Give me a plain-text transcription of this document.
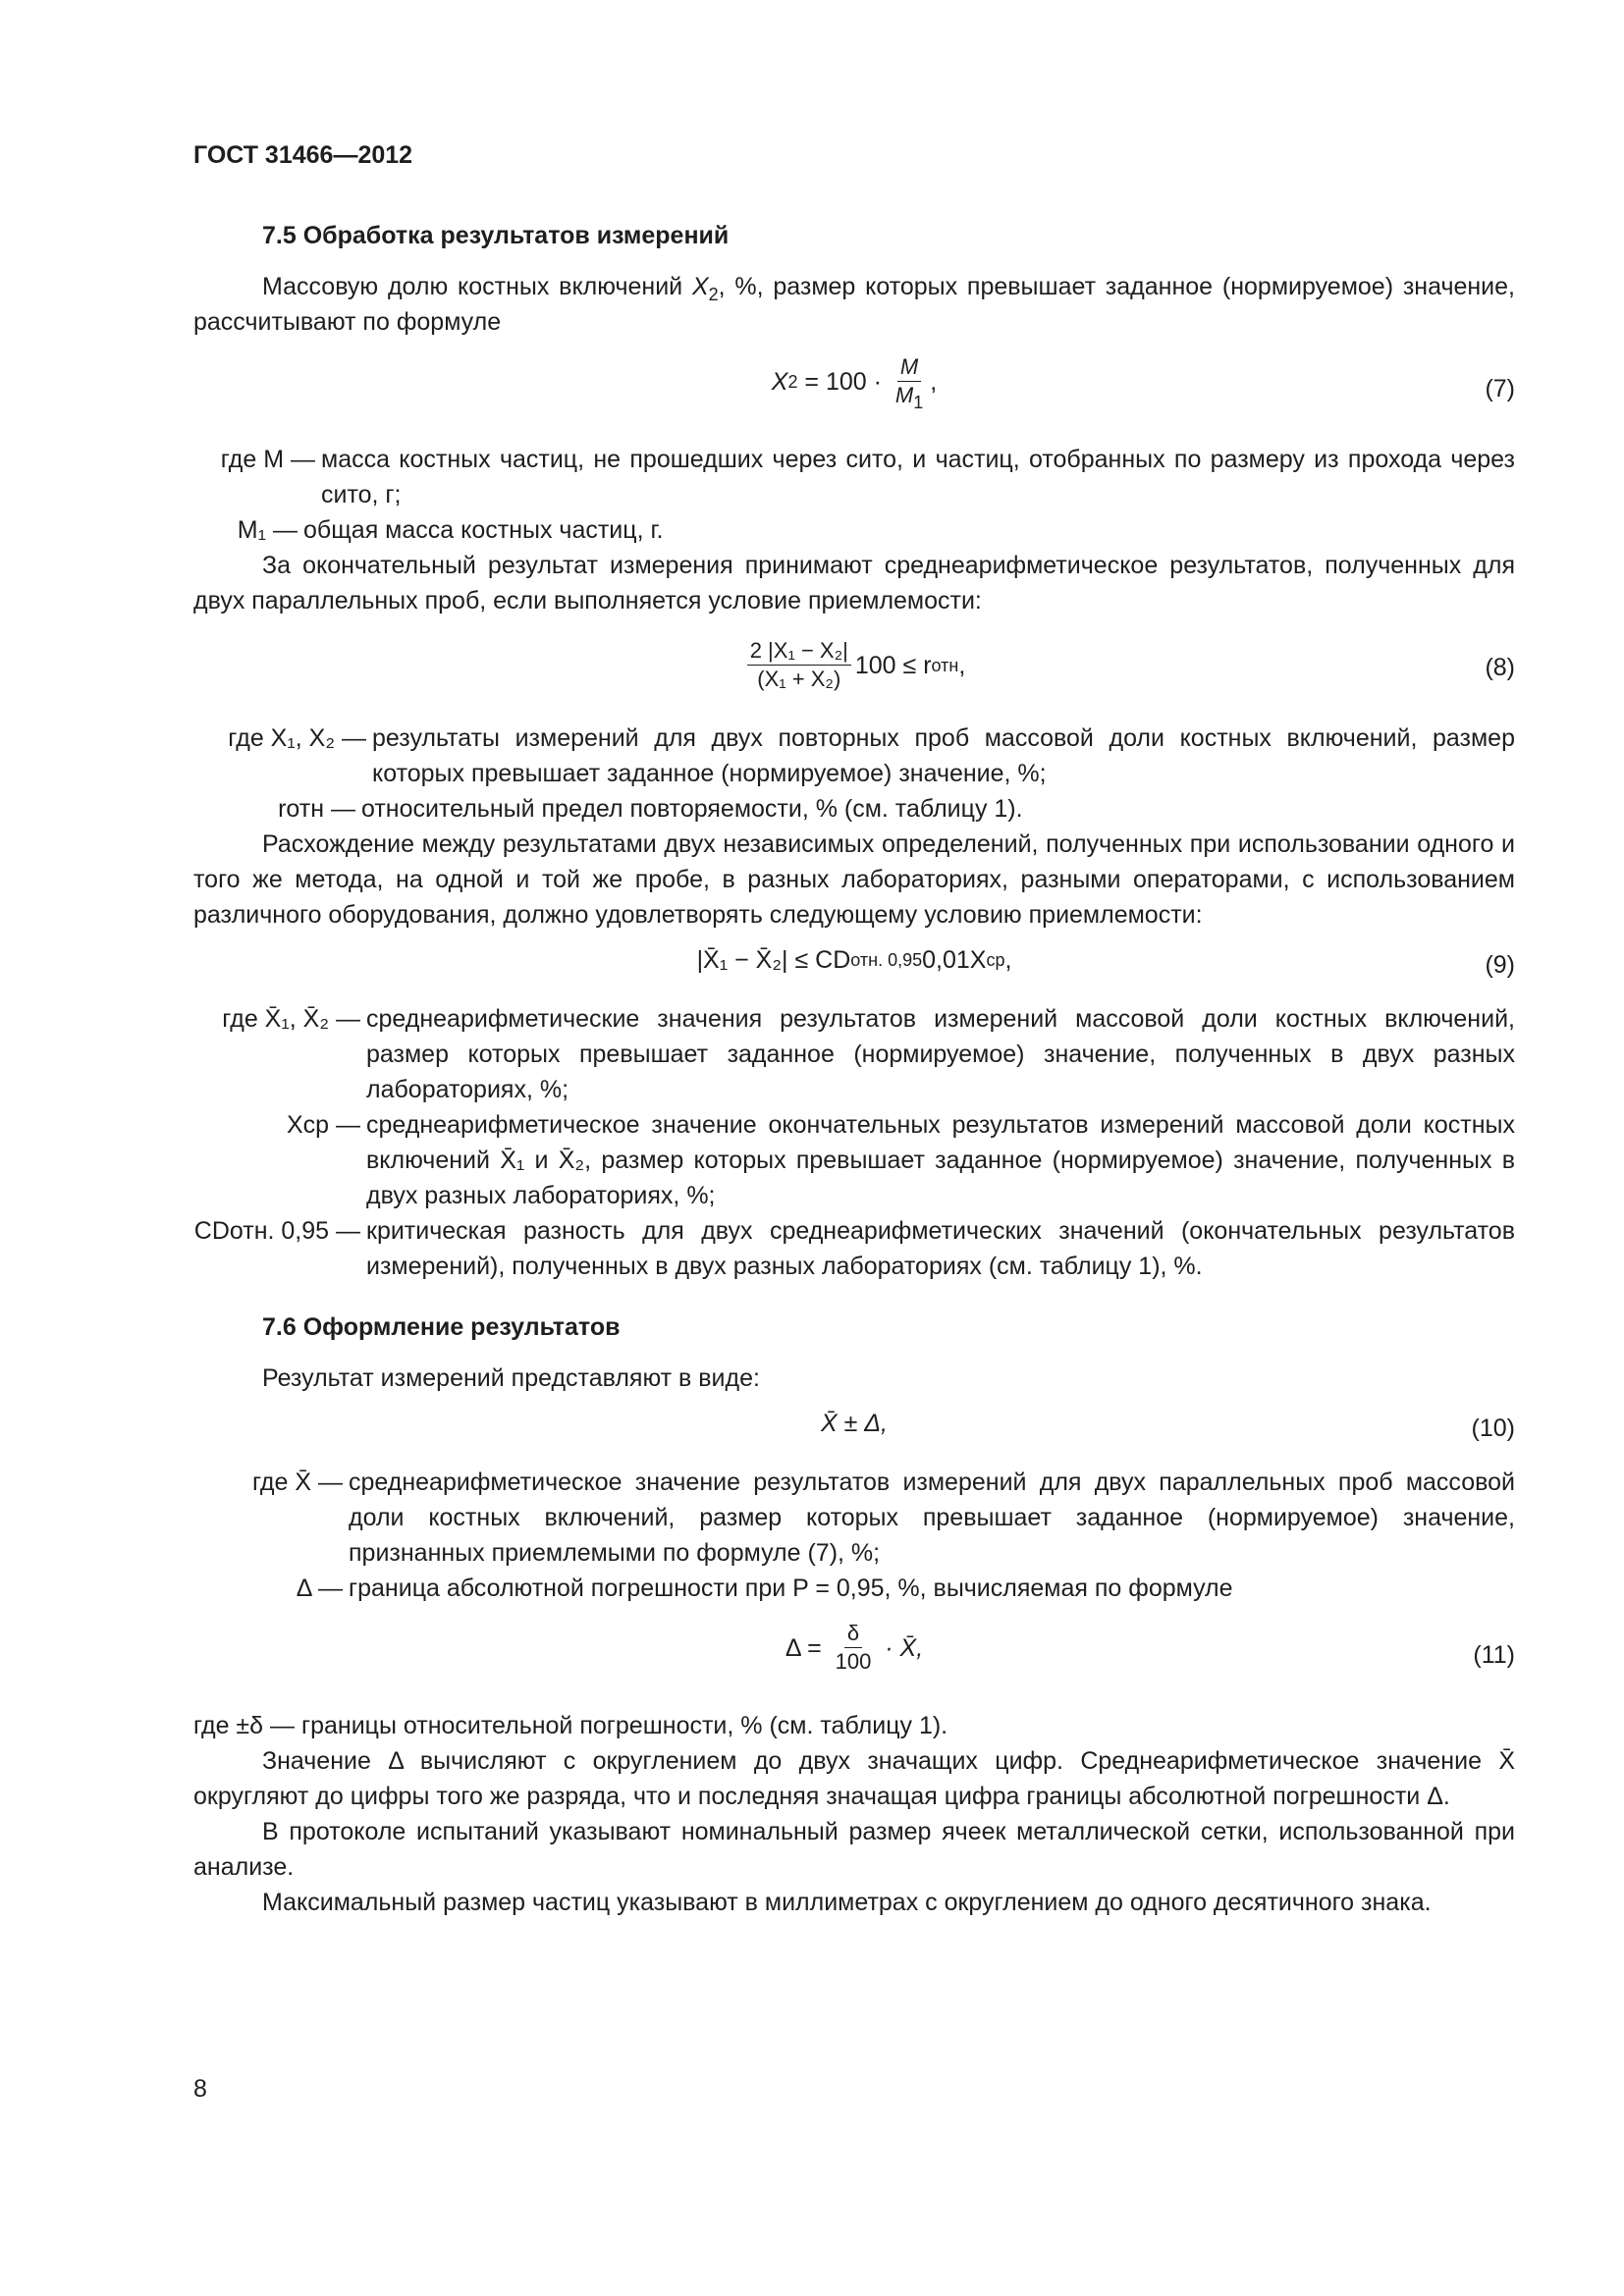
ГОСТ 31466—2012
7.5 Обработка результатов измерений

Массовую долю костных включений $X_2$, %, размер которых превышает заданное (нормируемое) значение, рассчитывают по формуле

X $2 = 100 \cdot \frac{M}{M_1}$ ,	(7)
где M — масса костных частиц, не прошедших через сито, и частиц, отобранных по размеру из прохода через сито, г;
M₁ — общая масса костных частиц, г.

За окончательный результат измерения принимают среднеарифметическое результатов, полученных для двух параллельных проб, если выполняется условие приемлемости:

$\frac{\text{2 |X₁ − X₂|}}{\text{(X₁ + X₂)}} 100 \le r$ отн ,	(8)
где X₁, X₂ — результаты измерений для двух повторных проб массовой доли костных включений, размер которых превышает заданное (нормируемое) значение, %;
rотн — относительный предел повторяемости, % (см. таблицу 1).

Расхождение между результатами двух независимых определений, полученных при использовании одного и того же метода, на одной и той же пробе, в разных лабораториях, разными операторами, с использованием различного оборудования, должно удовлетворять следующему условию приемлемости:

|X̄₁ − X̄₂| ≤ CD отн. 0,95 0,01X ср ,	(9)
где X̄₁, X̄₂ — среднеарифметические значения результатов измерений массовой доли костных включений, размер которых превышает заданное (нормируемое) значение, полученных в двух разных лабораториях, %;
Xср — среднеарифметическое значение окончательных результатов измерений массовой доли костных включений X̄₁ и X̄₂, размер которых превышает заданное (нормируемое) значение, полученных в двух разных лабораториях, %;
CDотн. 0,95 — критическая разность для двух среднеарифметических значений (окончательных результатов измерений), полученных в двух разных лабораториях (см. таблицу 1), %.
7.6 Оформление результатов

Результат измерений представляют в виде:

X̄ ± Δ,	(10)
где X̄ — среднеарифметическое значение результатов измерений для двух параллельных проб массовой доли костных включений, размер которых превышает заданное (нормируемое) значение, признанных приемлемыми по формуле (7), %;
Δ — граница абсолютной погрешности при P = 0,95, %, вычисляемая по формуле
$\Delta = \frac{\delta}{100}$ · X̄,	(11)

где ±δ — границы относительной погрешности, % (см. таблицу 1).

Значение Δ вычисляют с округлением до двух значащих цифр. Среднеарифметическое значение X̄ округляют до цифры того же разряда, что и последняя значащая цифра границы абсолютной погрешности Δ.

В протоколе испытаний указывают номинальный размер ячеек металлической сетки, использованной при анализе.

Максимальный размер частиц указывают в миллиметрах с округлением до одного десятичного знака.

8
